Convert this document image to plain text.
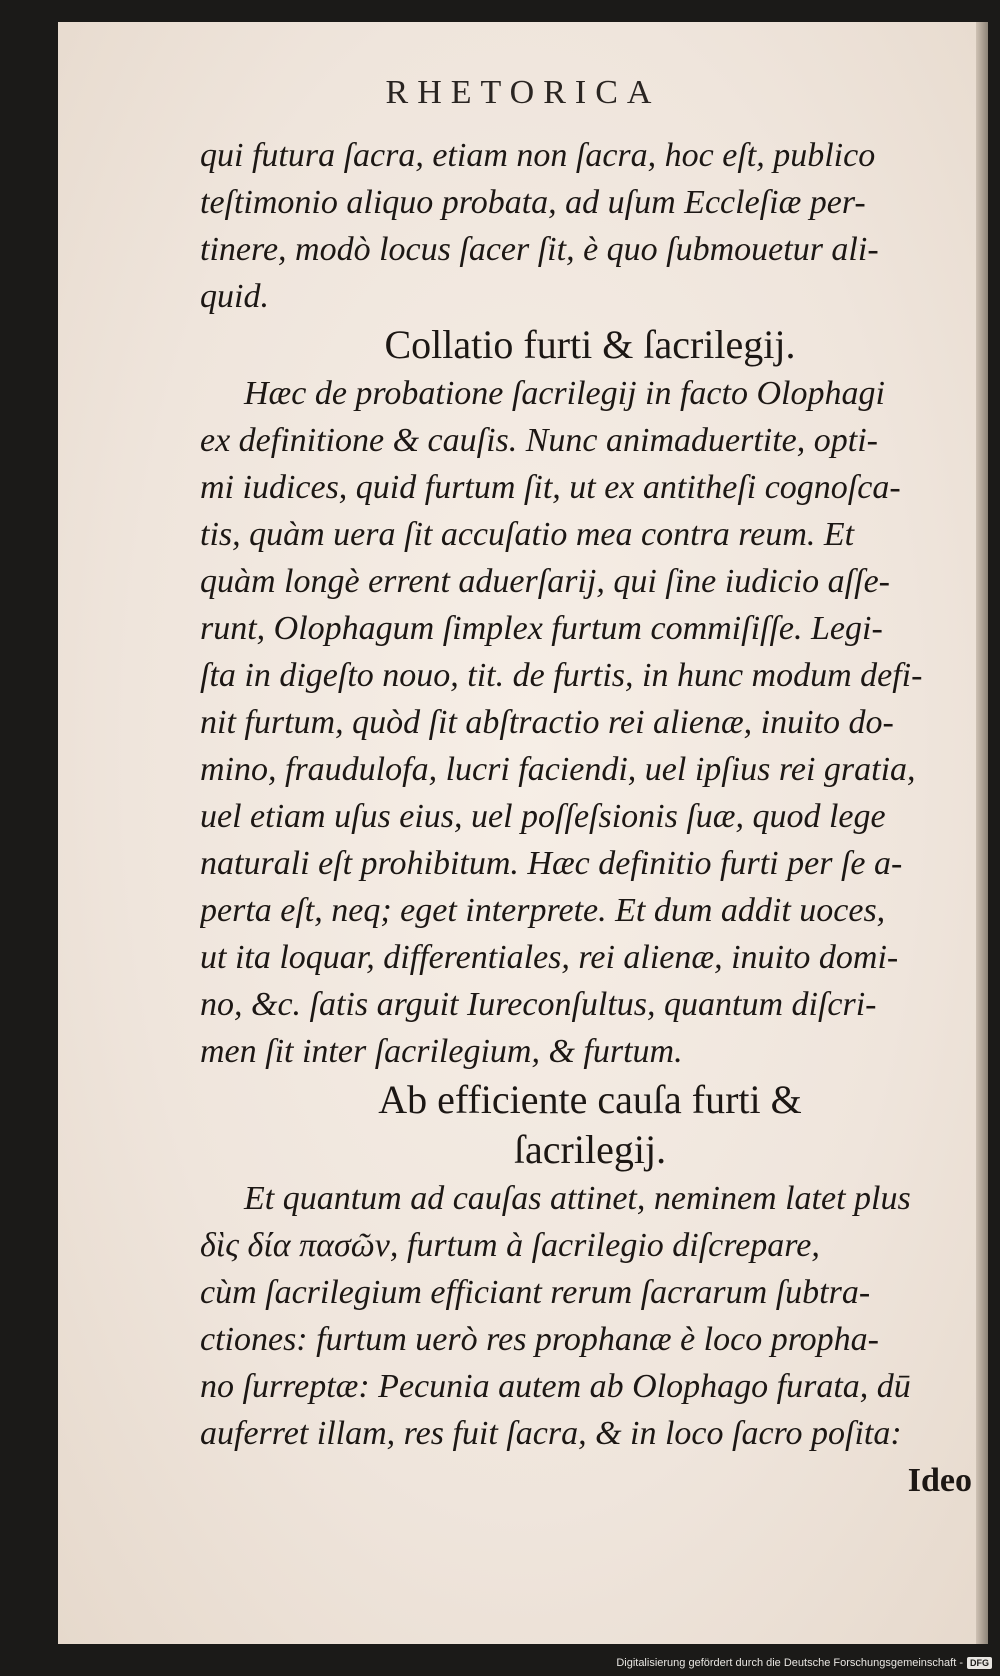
RHETORICA
qui futura ſacra, etiam non ſacra, hoc eſt, publico
teſtimonio aliquo probata, ad uſum Eccleſiæ per-
tinere, modò locus ſacer ſit, è quo ſubmouetur ali-
quid.
Collatio furti & ſacrilegij.
Hæc de probatione ſacrilegij in facto Olophagi
ex definitione & cauſis. Nunc animaduertite, opti-
mi iudices, quid furtum ſit, ut ex antitheſi cognoſca-
tis, quàm uera ſit accuſatio mea contra reum. Et
quàm longè errent aduerſarij, qui ſine iudicio aſſe-
runt, Olophagum ſimplex furtum commiſiſſe. Legi-
ſta in digeſto nouo, tit. de furtis, in hunc modum defi-
nit furtum, quòd ſit abſtractio rei alienæ, inuito do-
mino, fraudulofa, lucri faciendi, uel ipſius rei gratia,
uel etiam uſus eius, uel poſſeſsionis ſuæ, quod lege
naturali eſt prohibitum. Hæc definitio furti per ſe a-
perta eſt, neq; eget interprete. Et dum addit uoces,
ut ita loquar, differentiales, rei alienæ, inuito domi-
no, &c. ſatis arguit Iureconſultus, quantum diſcri-
men ſit inter ſacrilegium, & furtum.
Ab efficiente cauſa furti &
ſacrilegij.
Et quantum ad cauſas attinet, neminem latet plus
δὶς δία πασῶν, furtum à ſacrilegio diſcrepare,
cùm ſacrilegium efficiant rerum ſacrarum ſubtra-
ctiones: furtum uerò res prophanæ è loco propha-
no ſurreptæ: Pecunia autem ab Olophago furata, dū
auferret illam, res fuit ſacra, & in loco ſacro poſita:
Ideo
Digitalisierung gefördert durch die Deutsche Forschungsgemeinschaft - DFG
